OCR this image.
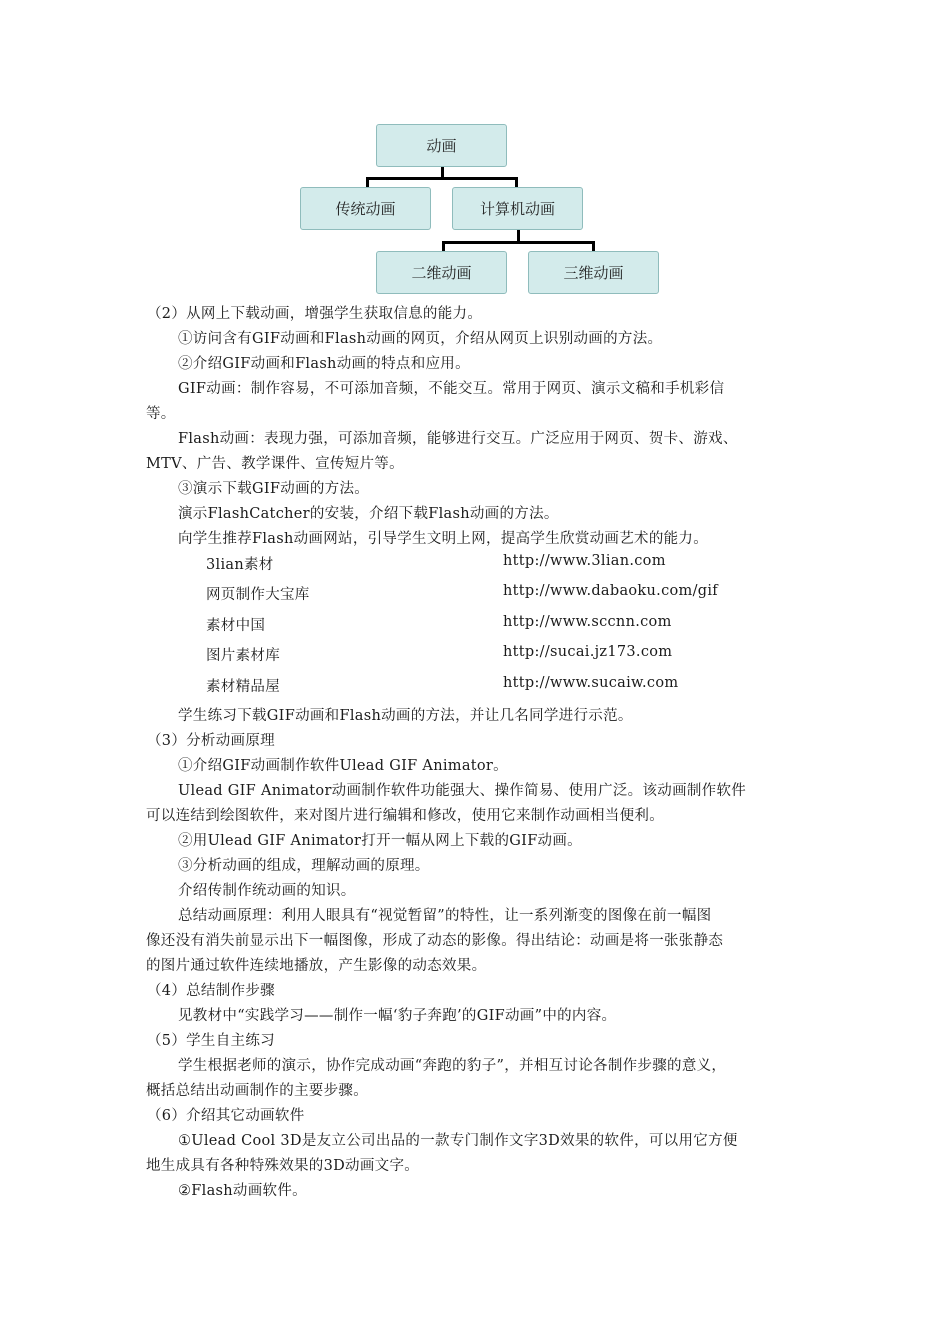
动画
传统动画	计算机动画
二维动画	三维动画
（2）从网上下载动画，增强学生获取信息的能力。
①访问含有GIF动画和Flash动画的网页，介绍从网页上识别动画的方法。
②介绍GIF动画和Flash动画的特点和应用。
GIF动画：制作容易，不可添加音频，不能交互。常用于网页、演示文稿和手机彩信
等。
Flash动画：表现力强，可添加音频，能够进行交互。广泛应用于网页、贺卡、游戏、
MTV、广告、教学课件、宣传短片等。
③演示下载GIF动画的方法。
演示FlashCatcher的安装，介绍下载Flash动画的方法。
向学生推荐Flash动画网站，引导学生文明上网，提高学生欣赏动画艺术的能力。
3lian素材	http://www.3lian.com
网页制作大宝库	http://www.dabaoku.com/gif
素材中国	http://www.sccnn.com
图片素材库	http://sucai.jz173.com
素材精品屋	http://www.sucaiw.com
学生练习下载GIF动画和Flash动画的方法，并让几名同学进行示范。
（3）分析动画原理
①介绍GIF动画制作软件Ulead GIF Animator。
Ulead GIF Animator动画制作软件功能强大、操作简易、使用广泛。该动画制作软件
可以连结到绘图软件，来对图片进行编辑和修改，使用它来制作动画相当便利。
②用Ulead GIF Animator打开一幅从网上下载的GIF动画。
③分析动画的组成，理解动画的原理。
介绍传制作统动画的知识。
总结动画原理：利用人眼具有“视觉暂留”的特性，让一系列渐变的图像在前一幅图
像还没有消失前显示出下一幅图像，形成了动态的影像。得出结论：动画是将一张张静态
的图片通过软件连续地播放，产生影像的动态效果。
（4）总结制作步骤
见教材中“实践学习——制作一幅‘豹子奔跑’的GIF动画”中的内容。
（5）学生自主练习
学生根据老师的演示，协作完成动画“奔跑的豹子”，并相互讨论各制作步骤的意义，
概括总结出动画制作的主要步骤。
（6）介绍其它动画软件
①Ulead Cool 3D是友立公司出品的一款专门制作文字3D效果的软件，可以用它方便
地生成具有各种特殊效果的3D动画文字。
②Flash动画软件。
